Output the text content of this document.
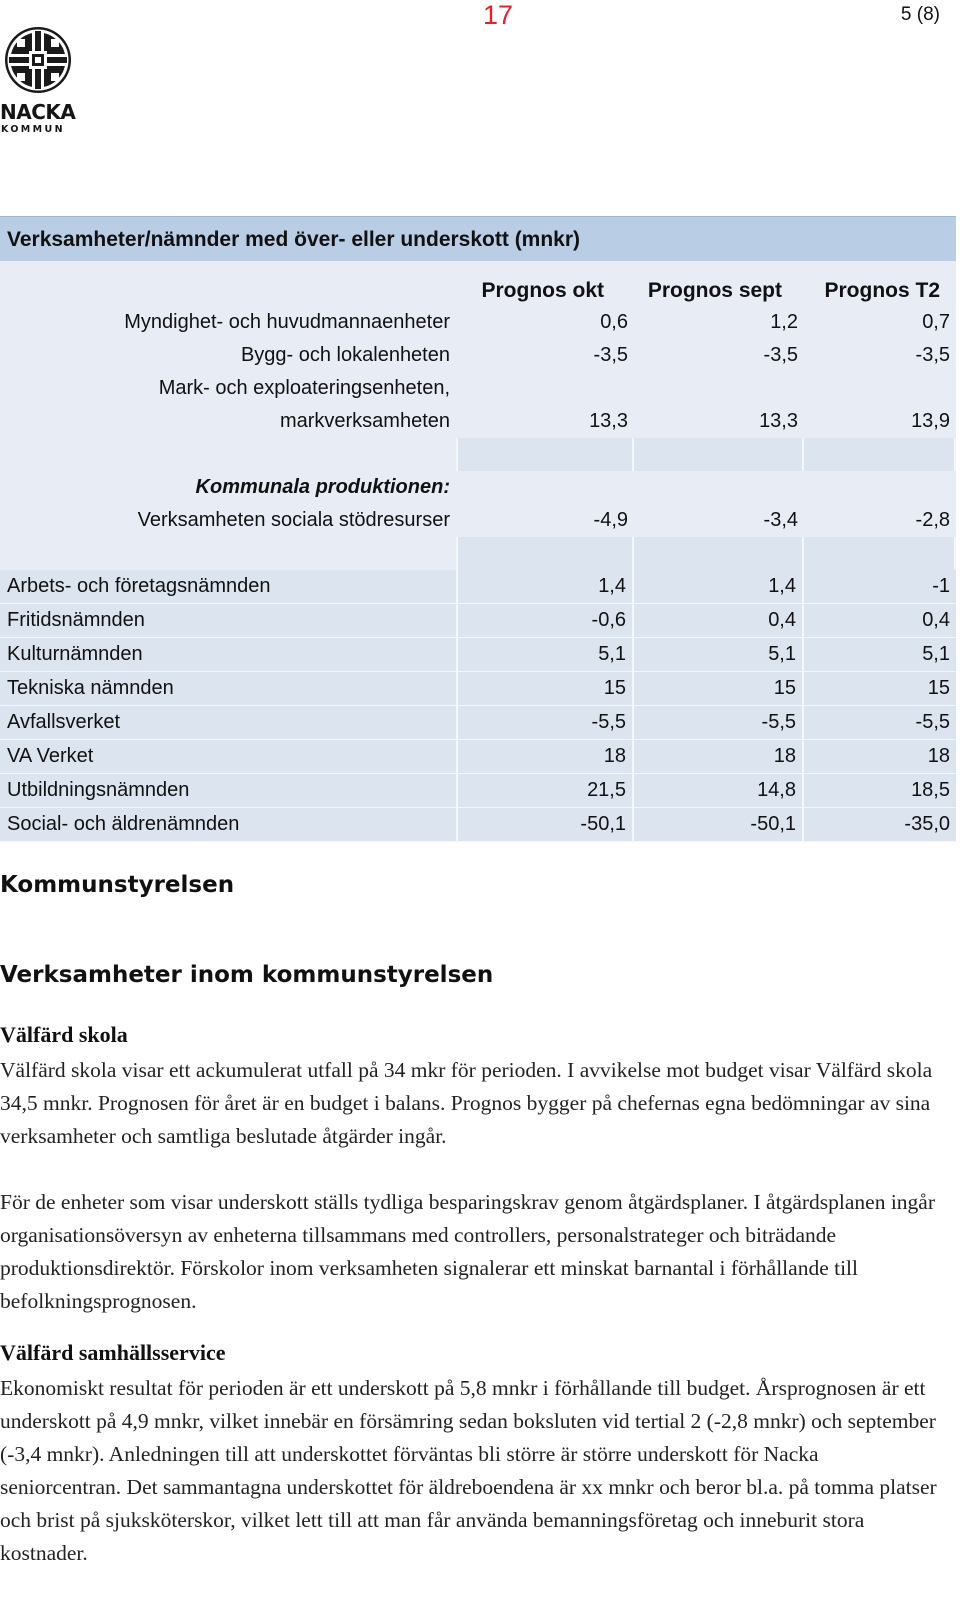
17	5 (8)
NACKA
KOMMUN
Verksamheter/nämnder med över- eller underskott (mnkr)
Prognos okt	Prognos sept	Prognos T2
Myndighet- och huvudmannaenheter	0,6	1,2	0,7
Bygg- och lokalenheten	-3,5	-3,5	-3,5
Mark- och exploateringsenheten,
markverksamheten	13,3	13,3	13,9
Kommunala produktionen:
Verksamheten sociala stödresurser	-4,9	-3,4	-2,8
Arbets- och företagsnämnden	1,4	1,4	-1
Fritidsnämnden	-0,6	0,4	0,4
Kulturnämnden	5,1	5,1	5,1
Tekniska nämnden	15	15	15
Avfallsverket	-5,5	-5,5	-5,5
VA Verket	18	18	18
Utbildningsnämnden	21,5	14,8	18,5
Social- och äldrenämnden	-50,1	-50,1	-35,0
Kommunstyrelsen
Verksamheter inom kommunstyrelsen
Välfärd skola

Välfärd skola visar ett ackumulerat utfall på 34 mkr för perioden. I avvikelse mot budget visar Välfärd skola 34,5 mnkr. Prognosen för året är en budget i balans. Prognos bygger på chefernas egna bedömningar av sina verksamheter och samtliga beslutade åtgärder ingår.

För de enheter som visar underskott ställs tydliga besparingskrav genom åtgärdsplaner. I åtgärdsplanen ingår organisationsöversyn av enheterna tillsammans med controllers, personalstrateger och biträdande produktionsdirektör. Förskolor inom verksamheten signalerar ett minskat barnantal i förhållande till befolkningsprognosen.

Välfärd samhällsservice

Ekonomiskt resultat för perioden är ett underskott på 5,8 mnkr i förhållande till budget. Årsprognosen är ett underskott på 4,9 mnkr, vilket innebär en försämring sedan boksluten vid tertial 2 (-2,8 mnkr) och september (-3,4 mnkr). Anledningen till att underskottet förväntas bli större är större underskott för Nacka seniorcentran. Det sammantagna underskottet för äldreboendena är xx mnkr och beror bl.a. på tomma platser och brist på sjuksköterskor, vilket lett till att man får använda bemanningsföretag och inneburit stora kostnader.
